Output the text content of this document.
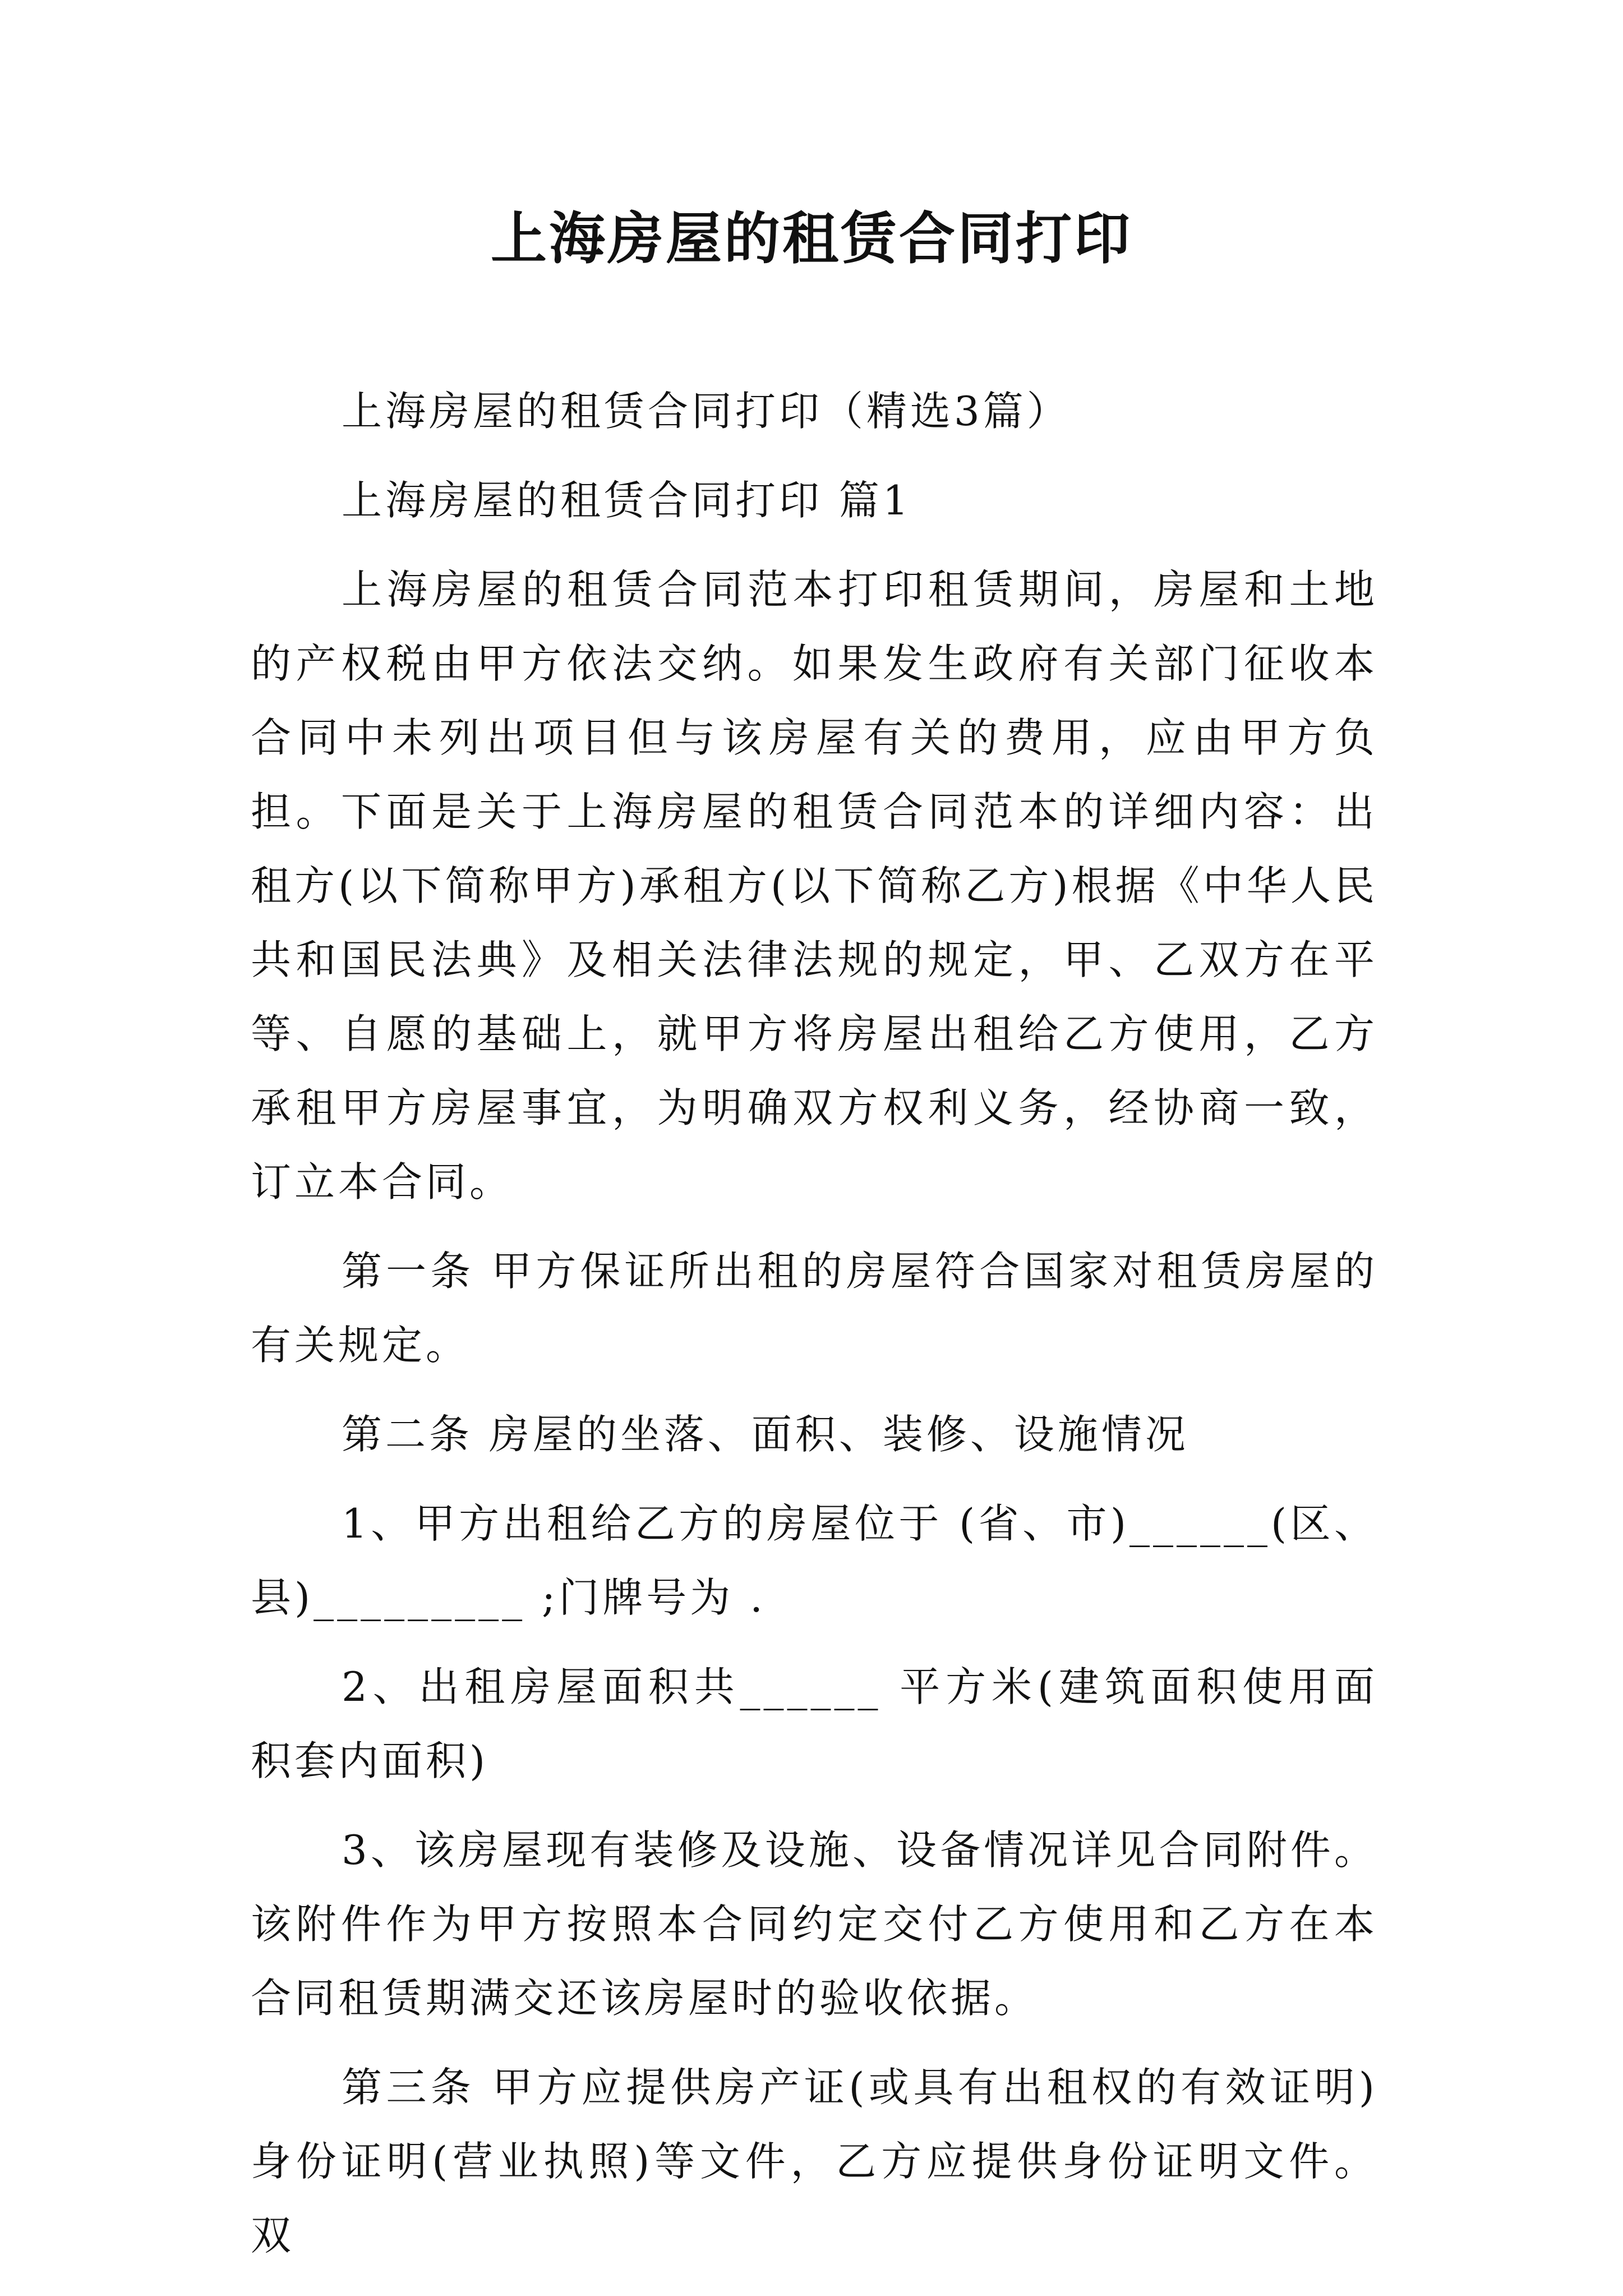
上海房屋的租赁合同打印

上海房屋的租赁合同打印（精选3篇）

上海房屋的租赁合同打印 篇1

上海房屋的租赁合同范本打印租赁期间，房屋和土地的产权税由甲方依法交纳。如果发生政府有关部门征收本合同中未列出项目但与该房屋有关的费用，应由甲方负担。下面是关于上海房屋的租赁合同范本的详细内容：出租方(以下简称甲方)承租方(以下简称乙方)根据《中华人民共和国民法典》及相关法律法规的规定，甲、乙双方在平等、自愿的基础上，就甲方将房屋出租给乙方使用，乙方承租甲方房屋事宜，为明确双方权利义务，经协商一致，订立本合同。

第一条 甲方保证所出租的房屋符合国家对租赁房屋的有关规定。

第二条 房屋的坐落、面积、装修、设施情况

1、甲方出租给乙方的房屋位于 (省、市)______(区、县)_________ ;门牌号为 .

2、出租房屋面积共______ 平方米(建筑面积使用面积套内面积)

3、该房屋现有装修及设施、设备情况详见合同附件。该附件作为甲方按照本合同约定交付乙方使用和乙方在本合同租赁期满交还该房屋时的验收依据。

第三条 甲方应提供房产证(或具有出租权的有效证明)身份证明(营业执照)等文件，乙方应提供身份证明文件。双
